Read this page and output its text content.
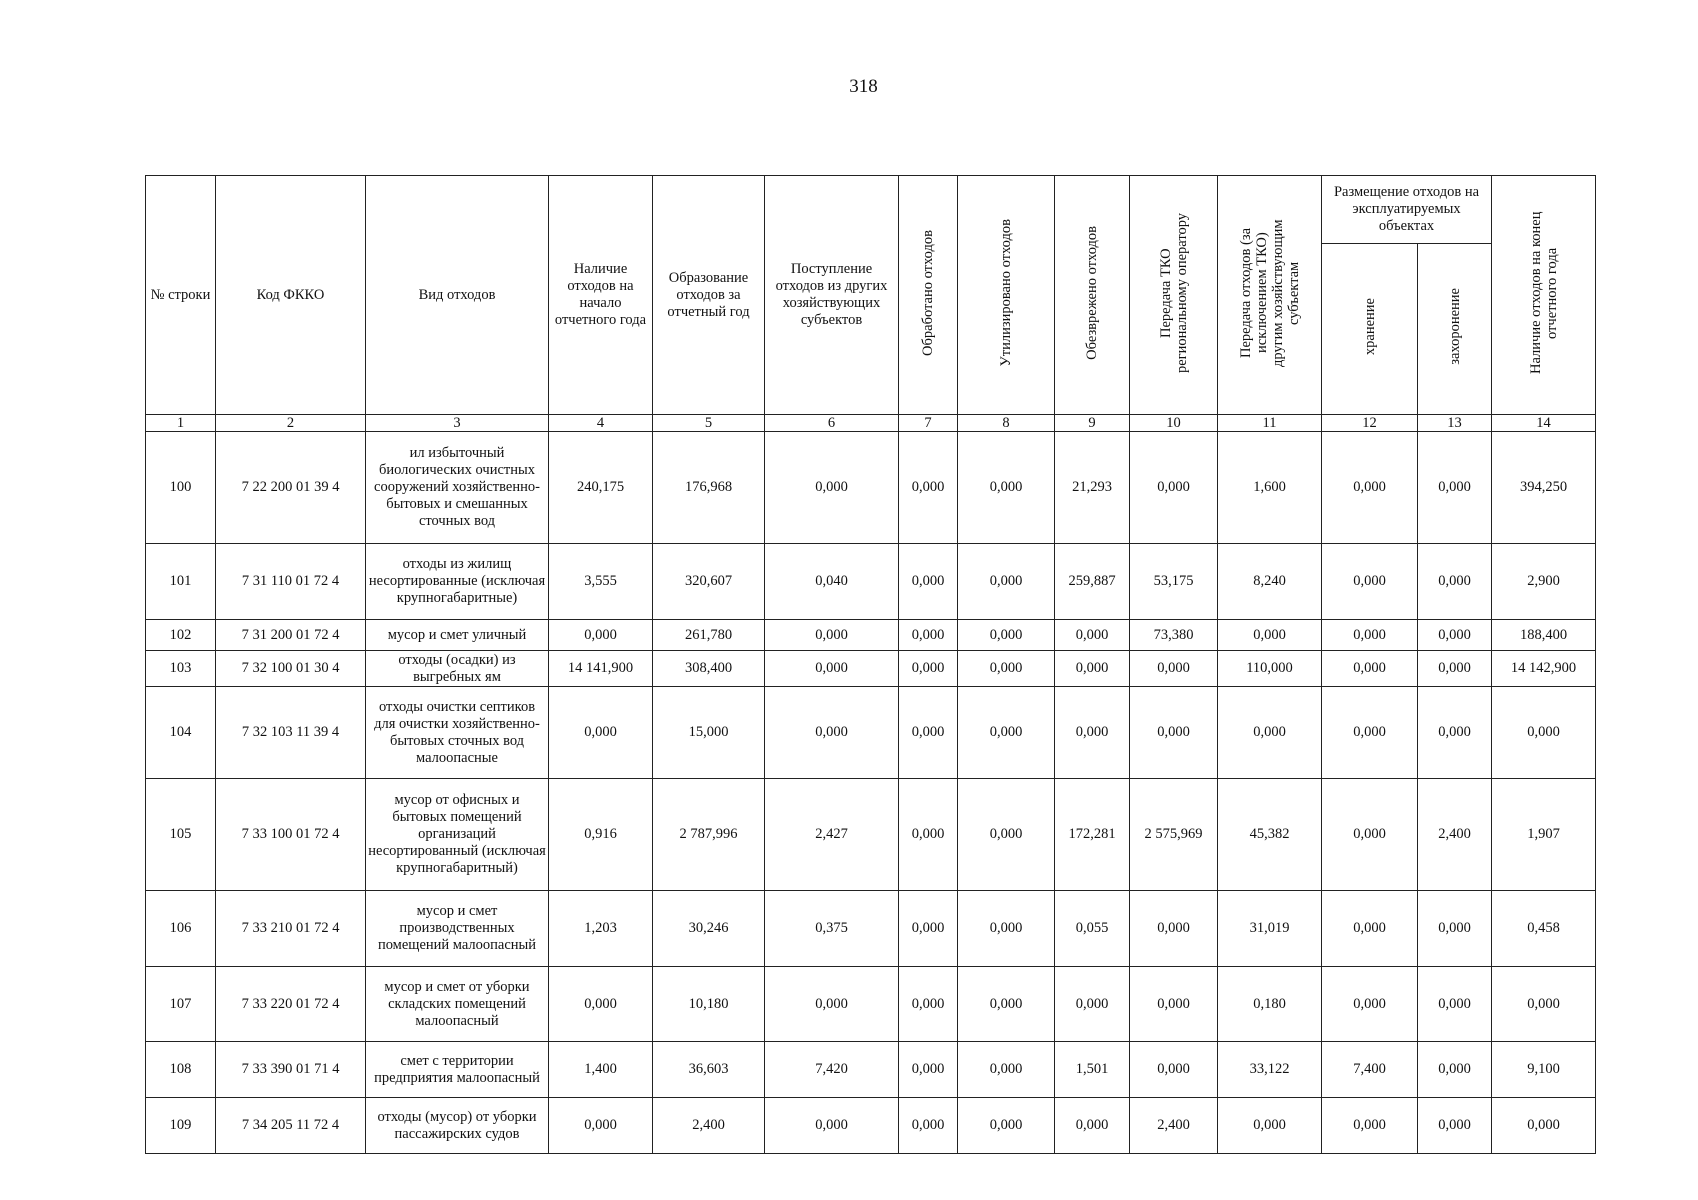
318
№ строки	Код ФККО	Вид отходов	Наличие отходов на начало отчетного года	Образование отходов за отчетный год	Поступление отходов из других хозяйствующих субъектов	Обработано отходов	Утилизировано отходов	Обезврежено отходов	Передача ТКО региональному оператору	Передача отходов (за исключением ТКО) другим хозяйствующим субъектам	Размещение отходов на эксплуатируемых объектах		Наличие отходов на конец отчетного года
											хранение	захоронение	
1	2	3	4	5	6	7	8	9	10	11	12	13	14
100	7 22 200 01 39 4	ил избыточный биологических очистных сооружений хозяйственно-бытовых и смешанных сточных вод	240,175	176,968	0,000	0,000	0,000	21,293	0,000	1,600	0,000	0,000	394,250
101	7 31 110 01 72 4	отходы из жилищ несортированные (исключая крупногабаритные)	3,555	320,607	0,040	0,000	0,000	259,887	53,175	8,240	0,000	0,000	2,900
102	7 31 200 01 72 4	мусор и смет уличный	0,000	261,780	0,000	0,000	0,000	0,000	73,380	0,000	0,000	0,000	188,400
103	7 32 100 01 30 4	отходы (осадки) из выгребных ям	14 141,900	308,400	0,000	0,000	0,000	0,000	0,000	110,000	0,000	0,000	14 142,900
104	7 32 103 11 39 4	отходы очистки септиков для очистки хозяйственно-бытовых сточных вод малоопасные	0,000	15,000	0,000	0,000	0,000	0,000	0,000	0,000	0,000	0,000	0,000
105	7 33 100 01 72 4	мусор от офисных и бытовых помещений организаций несортированный (исключая крупногабаритный)	0,916	2 787,996	2,427	0,000	0,000	172,281	2 575,969	45,382	0,000	2,400	1,907
106	7 33 210 01 72 4	мусор и смет производственных помещений малоопасный	1,203	30,246	0,375	0,000	0,000	0,055	0,000	31,019	0,000	0,000	0,458
107	7 33 220 01 72 4	мусор и смет от уборки складских помещений малоопасный	0,000	10,180	0,000	0,000	0,000	0,000	0,000	0,180	0,000	0,000	0,000
108	7 33 390 01 71 4	смет с территории предприятия малоопасный	1,400	36,603	7,420	0,000	0,000	1,501	0,000	33,122	7,400	0,000	9,100
109	7 34 205 11 72 4	отходы (мусор) от уборки пассажирских судов	0,000	2,400	0,000	0,000	0,000	0,000	2,400	0,000	0,000	0,000	0,000
